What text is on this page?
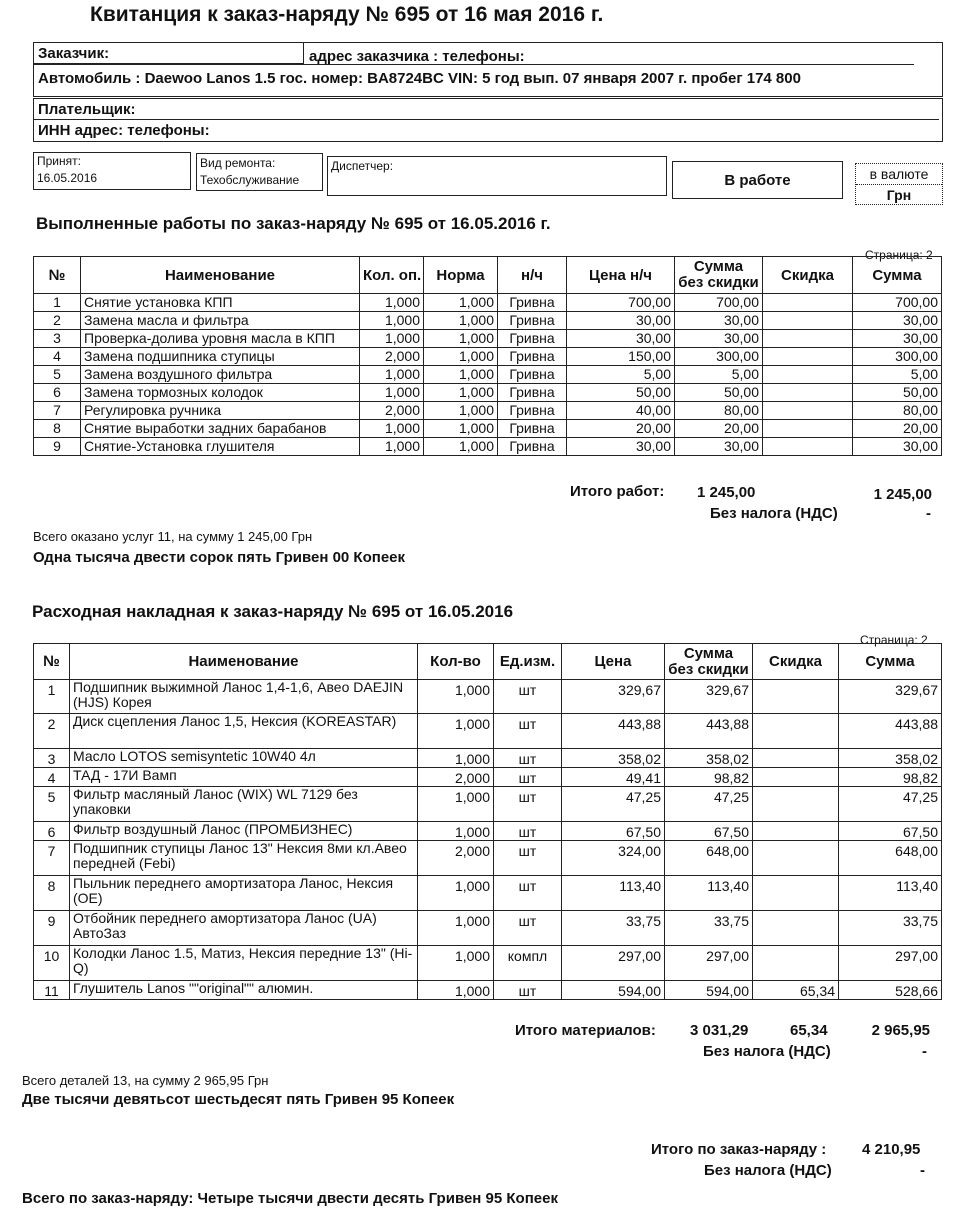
Квитанция к заказ-наряду № 695 от 16 мая 2016 г.
Заказчик:	адрес заказчика : телефоны:
Автомобиль : Daewoo Lanos 1.5 гос. номер: BA8724BC VIN: 5 год вып. 07 января 2007 г. пробег 174 800
Плательщик:
ИНН адрес: телефоны:
Принят:
16.05.2016
Вид ремонта:
Техобслуживание
Диспетчер:
В работе	в валюте
Грн
Выполненные работы по заказ-наряду № 695 от 16.05.2016 г.
Страница: 2
№	Наименование	Кол. оп.	Норма	н/ч	Цена н/ч	Сумма
без скидки	Скидка	Сумма
1	Снятие установка КПП	1,000	1,000	Гривна	700,00	700,00		700,00
2	Замена масла и фильтра	1,000	1,000	Гривна	30,00	30,00		30,00
3	Проверка-долива уровня масла в КПП	1,000	1,000	Гривна	30,00	30,00		30,00
4	Замена подшипника ступицы	2,000	1,000	Гривна	150,00	300,00		300,00
5	Замена воздушного фильтра	1,000	1,000	Гривна	5,00	5,00		5,00
6	Замена тормозных колодок	1,000	1,000	Гривна	50,00	50,00		50,00
7	Регулировка ручника	2,000	1,000	Гривна	40,00	80,00		80,00
8	Снятие выработки задних барабанов	1,000	1,000	Гривна	20,00	20,00		20,00
9	Снятие-Установка глушителя	1,000	1,000	Гривна	30,00	30,00		30,00
Итого работ: 1 245,00	1 245,00
Без налога (НДС)	-
Всего оказано услуг 11, на сумму 1 245,00 Грн
Одна тысяча двести сорок пять Гривен 00 Копеек
Расходная накладная к заказ-наряду № 695 от 16.05.2016
Страница: 2
№	Наименование	Кол-во	Ед.изм.	Цена	Сумма
без скидки	Скидка	Сумма
1	Подшипник выжимной Ланос 1,4-1,6, Авео DAEJIN (HJS) Корея	1,000	шт	329,67	329,67		329,67
2	Диск сцепления Ланос 1,5, Нексия (KOREASTAR)	1,000	шт	443,88	443,88		443,88
3	Масло LOTOS semisyntetic 10W40 4л	1,000	шт	358,02	358,02		358,02
4	ТАД - 17И Вамп	2,000	шт	49,41	98,82		98,82
5	Фильтр масляный Ланос (WIX) WL 7129 без упаковки	1,000	шт	47,25	47,25		47,25
6	Фильтр воздушный Ланос (ПРОМБИЗНЕС)	1,000	шт	67,50	67,50		67,50
7	Подшипник ступицы Ланос 13" Нексия 8ми кл.Авео передней (Febi)	2,000	шт	324,00	648,00		648,00
8	Пыльник переднего амортизатора Ланос, Нексия (OE)	1,000	шт	113,40	113,40		113,40
9	Отбойник переднего амортизатора Ланос (UA) АвтоЗаз	1,000	шт	33,75	33,75		33,75
10	Колодки Ланос 1.5, Матиз, Нексия передние 13" (Hi-Q)	1,000	компл	297,00	297,00		297,00
11	Глушитель Lanos ""original"" алюмин.	1,000	шт	594,00	594,00	65,34	528,66
Итого материалов: 3 031,29	65,34	2 965,95
Без налога (НДС)	-
Всего деталей 13, на сумму 2 965,95 Грн
Две тысячи девятьсот шестьдесят пять Гривен 95 Копеек
Итого по заказ-наряду : 4 210,95
Без налога (НДС)	-
Всего по заказ-наряду: Четыре тысячи двести десять Гривен 95 Копеек
